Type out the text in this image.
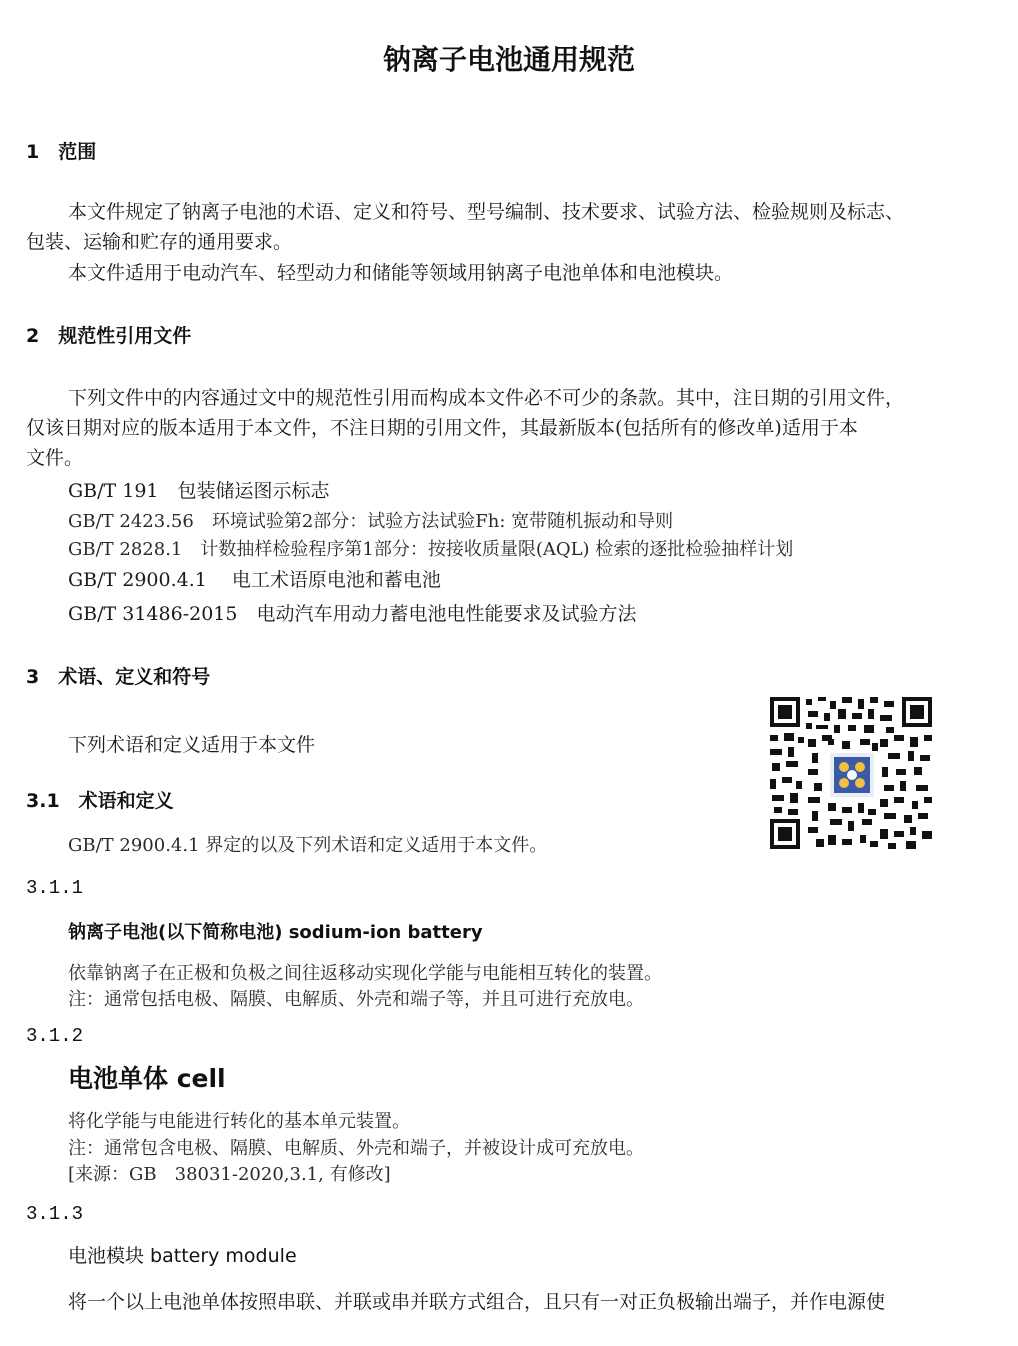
钠离子电池通用规范
1　范围
本文件规定了钠离子电池的术语、定义和符号、型号编制、技术要求、试验方法、检验规则及标志、
包装、运输和贮存的通用要求。
本文件适用于电动汽车、轻型动力和储能等领域用钠离子电池单体和电池模块。
2　规范性引用文件
下列文件中的内容通过文中的规范性引用而构成本文件必不可少的条款。其中，注日期的引用文件，
仅该日期对应的版本适用于本文件，不注日期的引用文件，其最新版本(包括所有的修改单)适用于本
文件。
GB/T 191　包装储运图示标志
GB/T 2423.56　环境试验第2部分：试验方法试验Fh: 宽带随机振动和导则
GB/T 2828.1　计数抽样检验程序第1部分：按接收质量限(AQL) 检索的逐批检验抽样计划
GB/T 2900.4.1　 电工术语原电池和蓄电池
GB/T 31486-2015　电动汽车用动力蓄电池电性能要求及试验方法
3　术语、定义和符号
下列术语和定义适用于本文件
3.1　术语和定义
GB/T 2900.4.1 界定的以及下列术语和定义适用于本文件。
3.1.1
钠离子电池(以下简称电池) sodium-ion battery
依靠钠离子在正极和负极之间往返移动实现化学能与电能相互转化的装置。
注：通常包括电极、隔膜、电解质、外壳和端子等，并且可进行充放电。
3.1.2
电池单体 cell
将化学能与电能进行转化的基本单元装置。
注：通常包含电极、隔膜、电解质、外壳和端子，并被设计成可充放电。
[来源：GB　38031-2020,3.1, 有修改]
3.1.3
电池模块 battery module
将一个以上电池单体按照串联、并联或串并联方式组合，且只有一对正负极输出端子，并作电源使
